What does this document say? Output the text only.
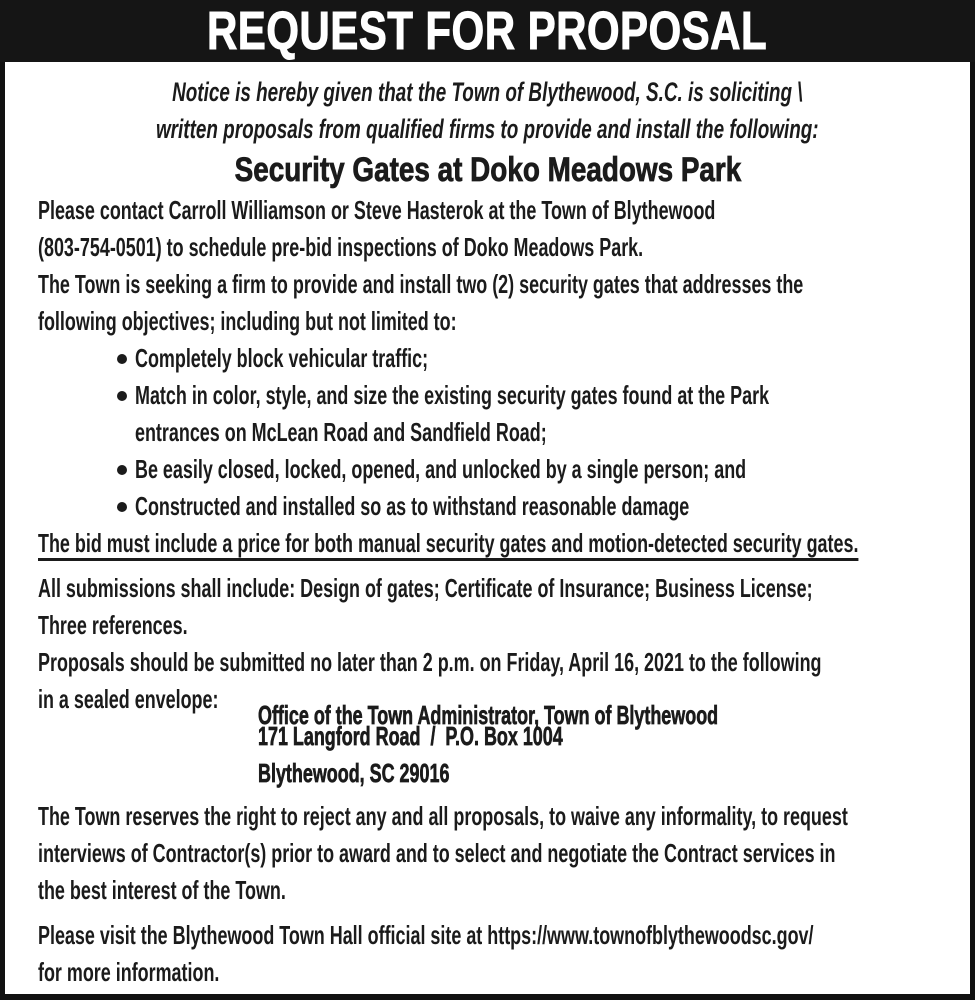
REQUEST FOR PROPOSAL
Notice is hereby given that the Town of Blythewood, S.C. is soliciting \
written proposals from qualified firms to provide and install the following:
Security Gates at Doko Meadows Park
Please contact Carroll Williamson or Steve Hasterok at the Town of Blythewood
(803-754-0501) to schedule pre-bid inspections of Doko Meadows Park.
The Town is seeking a firm to provide and install two (2) security gates that addresses the
following objectives; including but not limited to:
Completely block vehicular traffic;
Match in color, style, and size the existing security gates found at the Park
entrances on McLean Road and Sandfield Road;
Be easily closed, locked, opened, and unlocked by a single person; and
Constructed and installed so as to withstand reasonable damage
The bid must include a price for both manual security gates and motion-detected security gates.
All submissions shall include: Design of gates; Certificate of Insurance; Business License;
Three references.
Proposals should be submitted no later than 2 p.m. on Friday, April 16, 2021 to the following
in a sealed envelope:
Office of the Town Administrator, Town of Blythewood
171 Langford Road  /  P.O. Box 1004
Blythewood, SC 29016
The Town reserves the right to reject any and all proposals, to waive any informality, to request
interviews of Contractor(s) prior to award and to select and negotiate the Contract services in
the best interest of the Town.
Please visit the Blythewood Town Hall official site at https://www.townofblythewoodsc.gov/
for more information.
